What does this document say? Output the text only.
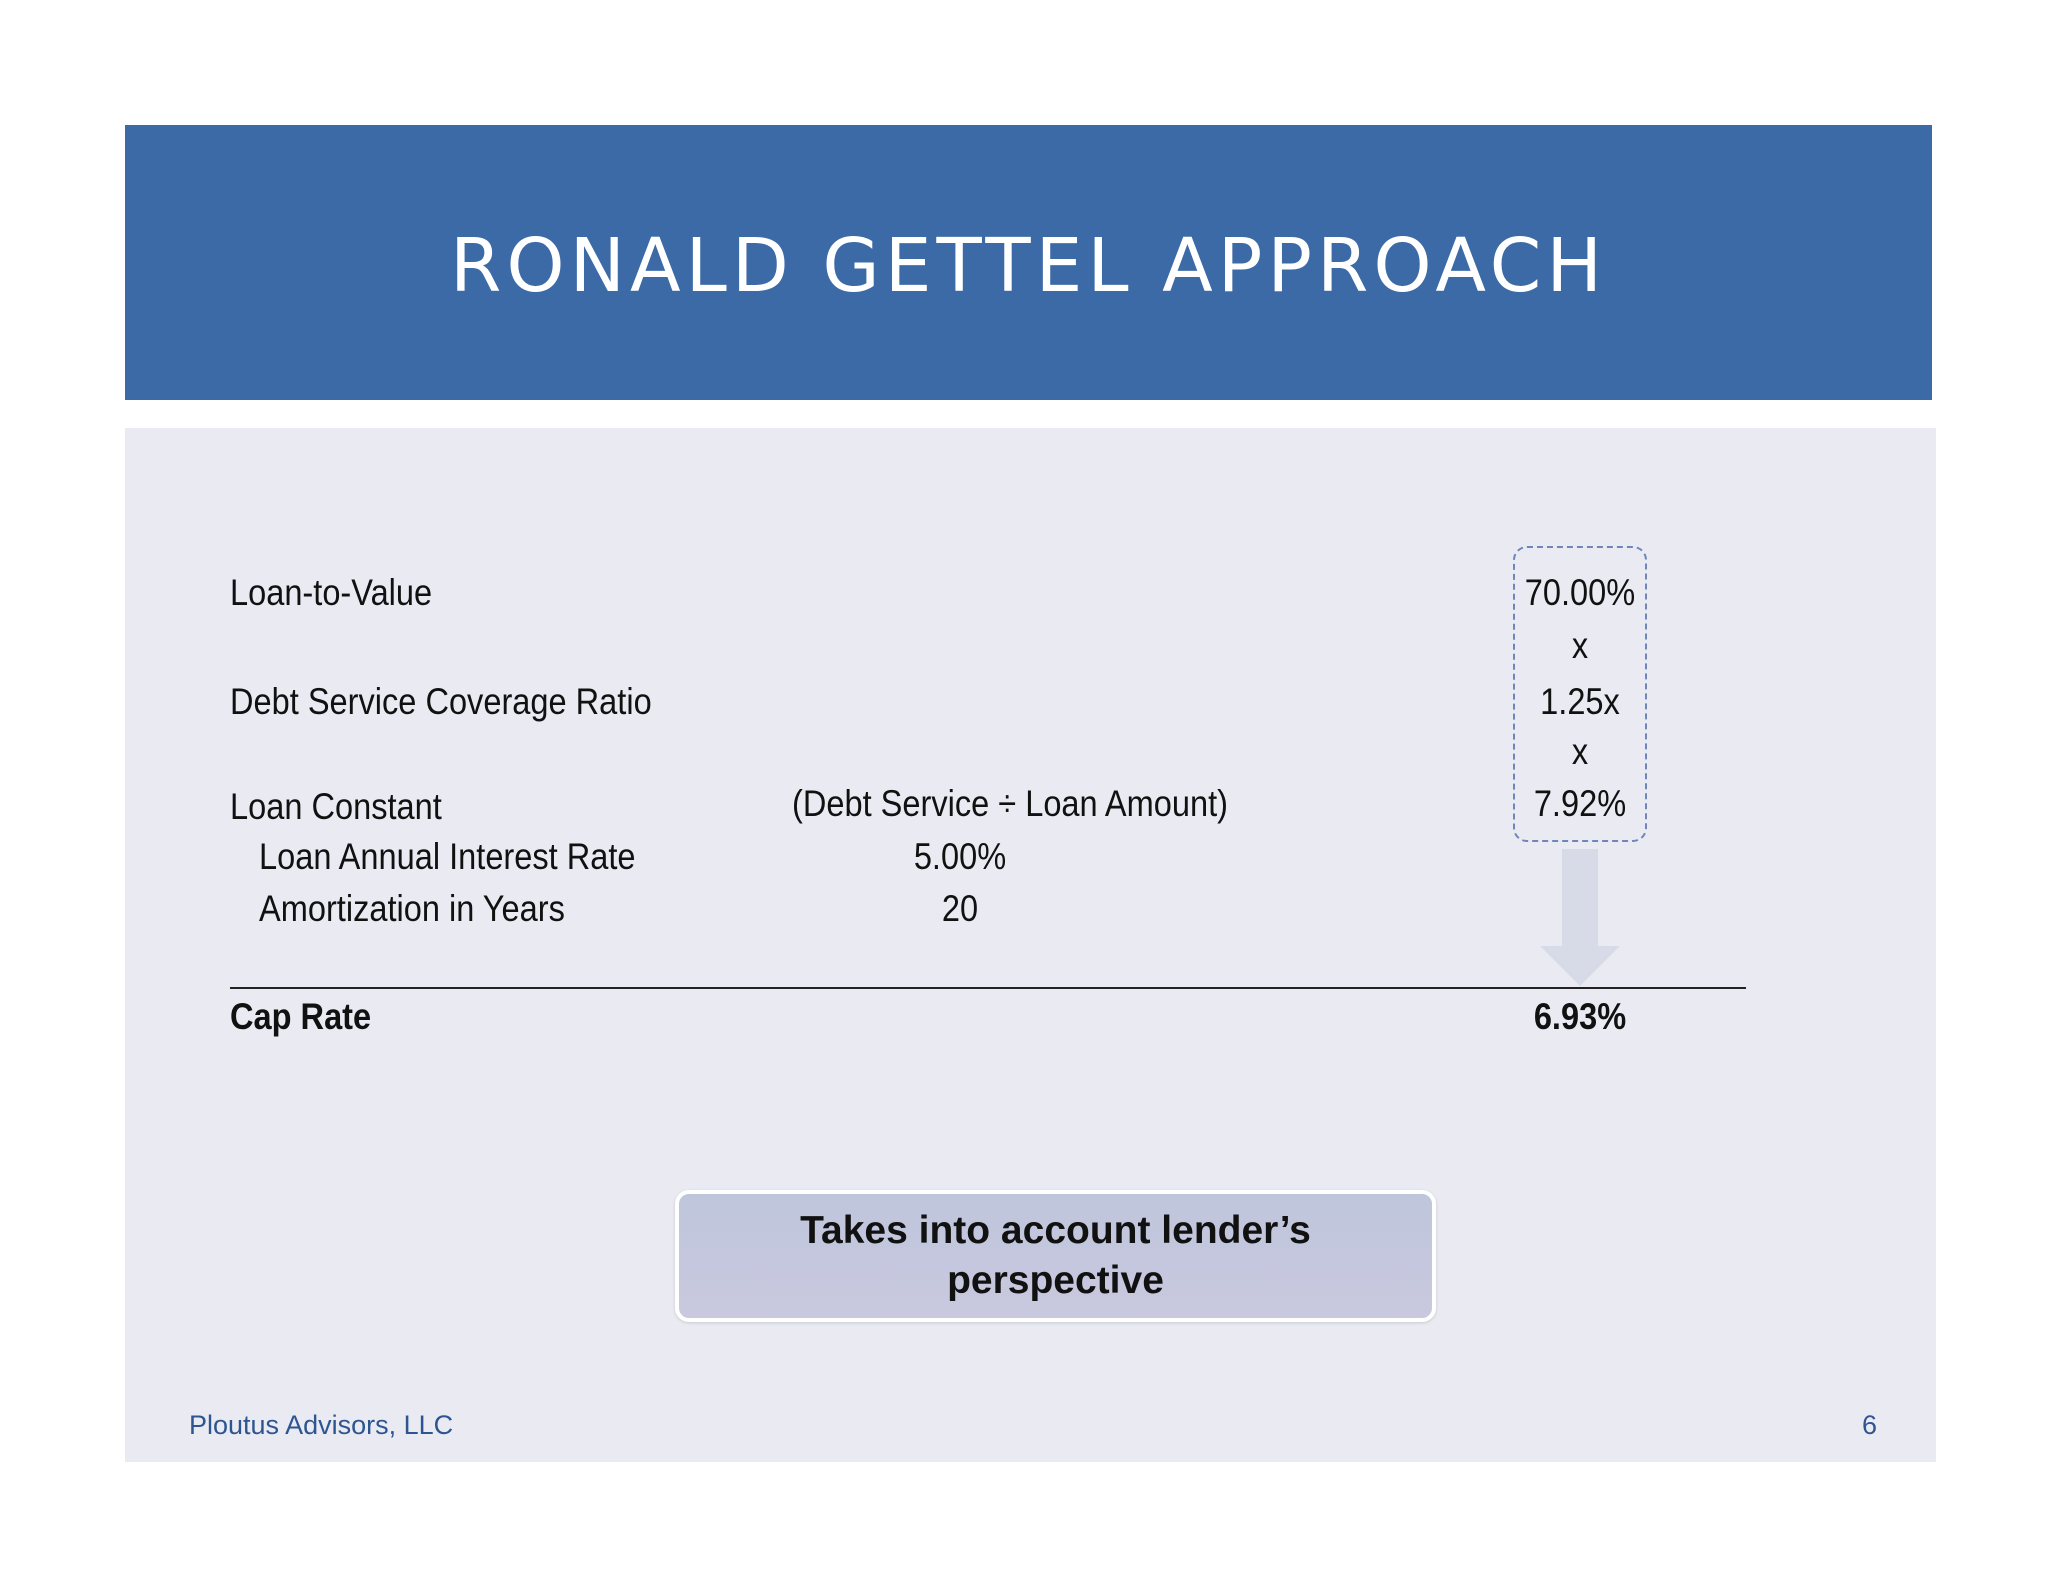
RONALD GETTEL APPROACH
Loan-to-Value
Debt Service Coverage Ratio
Loan Constant
Loan Annual Interest Rate
Amortization in Years
Cap Rate
(Debt Service ÷ Loan Amount)
5.00%
20
70.00%
x
1.25x
x
7.92%
6.93%
Takes into account lender’s perspective
Ploutus Advisors, LLC	6
